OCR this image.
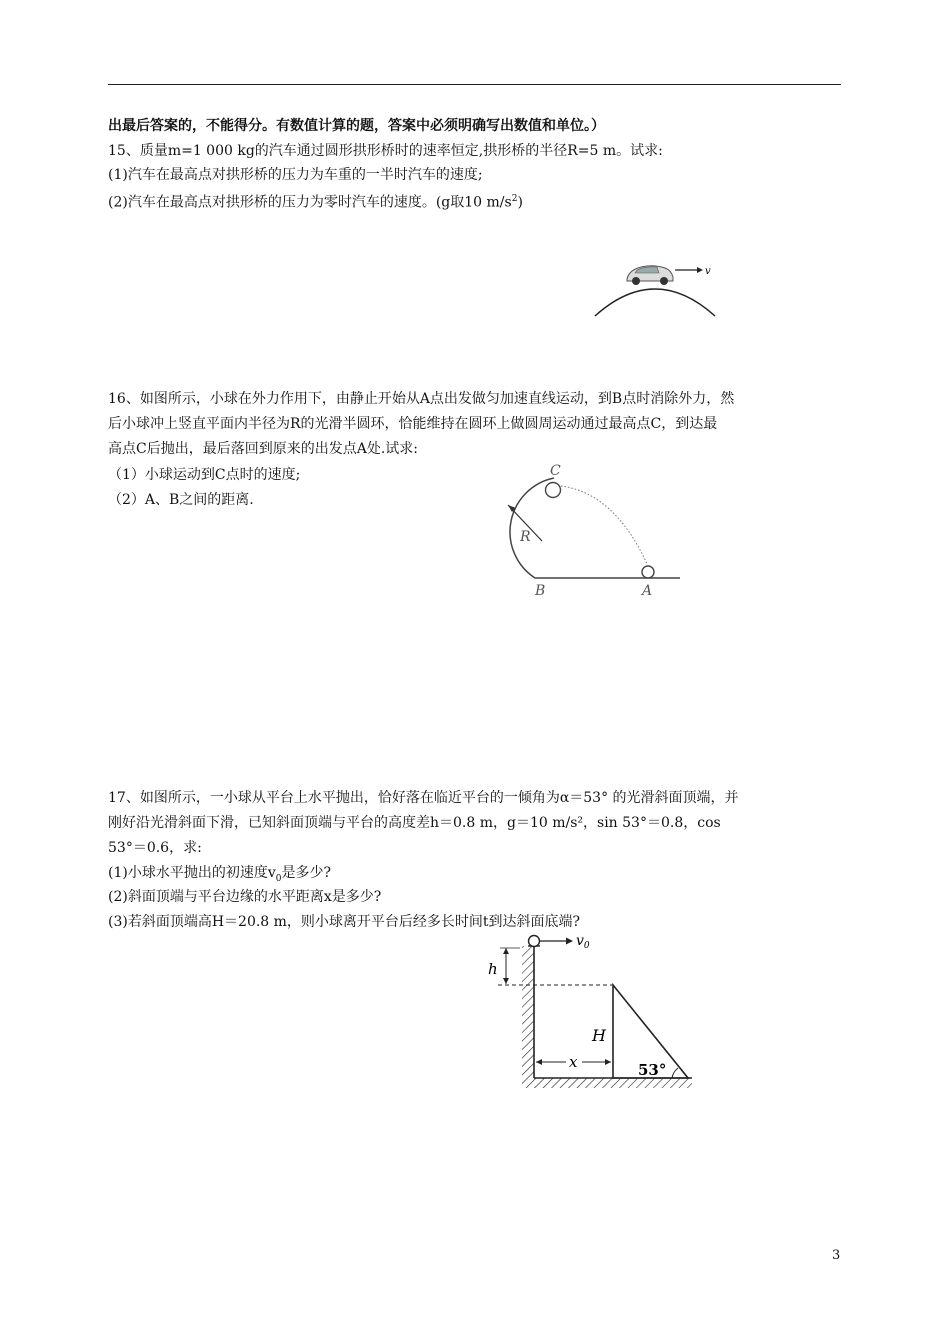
出最后答案的，不能得分。有数值计算的题，答案中必须明确写出数值和单位。）
15、质量m=1 000 kg的汽车通过圆形拱形桥时的速率恒定,拱形桥的半径R=5 m。试求:
(1)汽车在最高点对拱形桥的压力为车重的一半时汽车的速度;
(2)汽车在最高点对拱形桥的压力为零时汽车的速度。(g取10 $m/s^2$)
v
16、如图所示，小球在外力作用下，由静止开始从A点出发做匀加速直线运动，到B点时消除外力，然
后小球冲上竖直平面内半径为R的光滑半圆环，恰能维持在圆环上做圆周运动通过最高点C，到达最
高点C后抛出，最后落回到原来的出发点A处.试求:
（1）小球运动到C点时的速度;
（2）A、B之间的距离.
C
R
B	A
17、如图所示，一小球从平台上水平抛出，恰好落在临近平台的一倾角为α＝53° 的光滑斜面顶端，并
刚好沿光滑斜面下滑，已知斜面顶端与平台的高度差h＝0.8 m，g＝10 m/s²，sin 53°＝0.8，cos
53°＝0.6，求:
(1)小球水平抛出的初速度$v_0$是多少?
(2)斜面顶端与平台边缘的水平距离x是多少?
(3)若斜面顶端高H＝20.8 m，则小球离开平台后经多长时间t到达斜面底端?
$v_0$
h
H
53°
x
3
